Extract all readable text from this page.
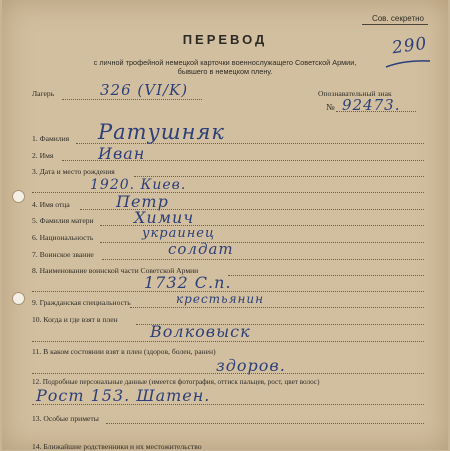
Сов. секретно
290
ПЕРЕВОД
с личной трофейной немецкой карточки военнослужащего Советской Армии,
бывшего в немецком плену.
Лагерь	326 (VI/K)	Опознавательный знак
№ 92473.
1. Фамилия Ратушняк
2. Имя	Иван
3. Дата и место рождения
1920. Киев.
4. Имя отца	Петр
5. Фамилия матери	Химич
6. Национальность	украинец
7. Воинское звание	солдат
8. Наименование воинской части Советской Армии
1732 С.п.
9. Гражданская специальность	крестьянин
10. Когда и где взят в плен
Волковыск
11. В каком состоянии взят в плен (здоров, болен, ранен)
здоров.
12. Подробные персональные данные (имеется фотография, оттиск пальцев, рост, цвет волос)
Рост 153. Шатен.
13. Особые приметы
14. Ближайшие родственники и их местожительство
